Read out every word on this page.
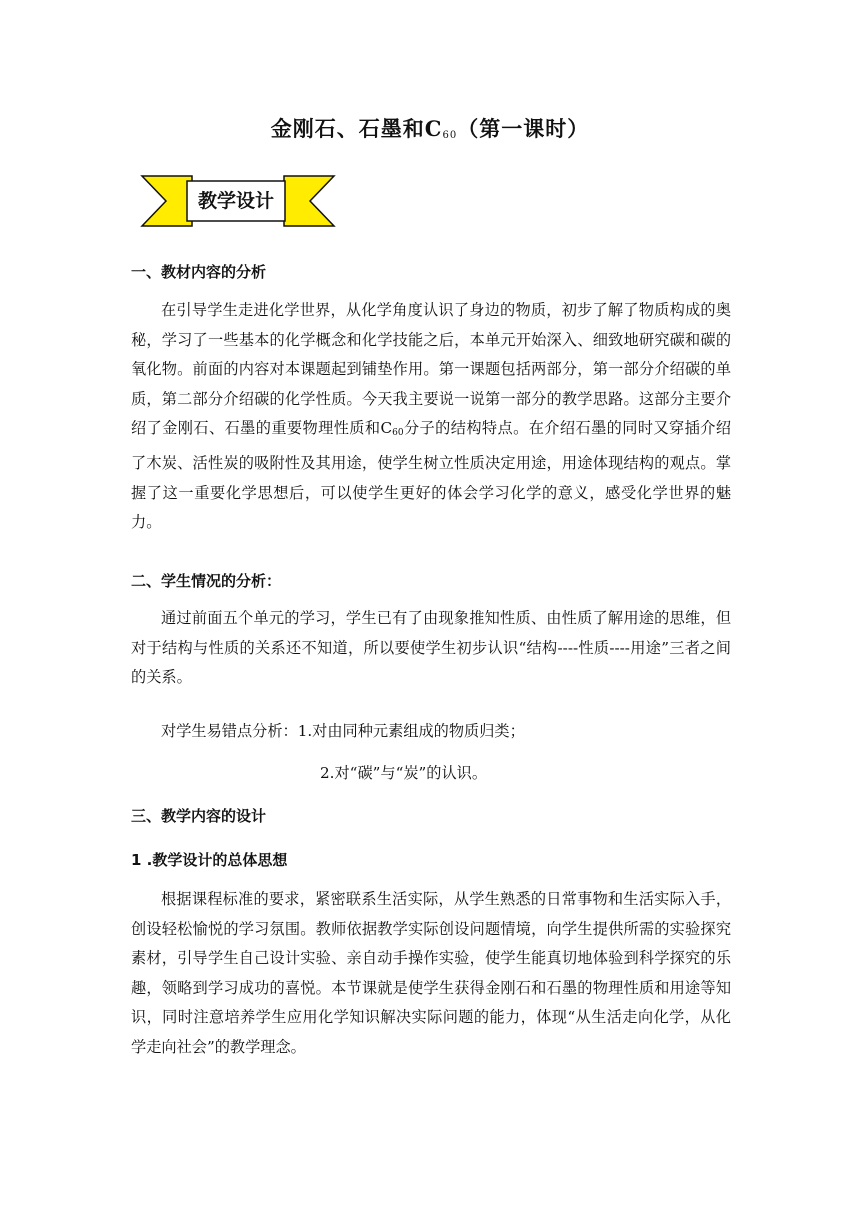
金刚石、石墨和$C_{60}$（第一课时）
教学设计
一、教材内容的分析

在引导学生走进化学世界，从化学角度认识了身边的物质，初步了解了物质构成的奥秘，学习了一些基本的化学概念和化学技能之后，本单元开始深入、细致地研究碳和碳的氧化物。前面的内容对本课题起到铺垫作用。第一课题包括两部分，第一部分介绍碳的单质，第二部分介绍碳的化学性质。今天我主要说一说第一部分的教学思路。这部分主要介绍了金刚石、石墨的重要物理性质和$C_{60}$分子的结构特点。在介绍石墨的同时又穿插介绍了木炭、活性炭的吸附性及其用途，使学生树立性质决定用途，用途体现结构的观点。掌握了这一重要化学思想后，可以使学生更好的体会学习化学的意义，感受化学世界的魅力。

二、学生情况的分析：

通过前面五个单元的学习，学生已有了由现象推知性质、由性质了解用途的思维，但对于结构与性质的关系还不知道，所以要使学生初步认识“结构----性质----用途”三者之间的关系。

对学生易错点分析：1.对由同种元素组成的物质归类；
2.对“碳”与“炭”的认识。
三、教学内容的设计
1 .教学设计的总体思想

根据课程标准的要求，紧密联系生活实际，从学生熟悉的日常事物和生活实际入手，创设轻松愉悦的学习氛围。教师依据教学实际创设问题情境，向学生提供所需的实验探究素材，引导学生自己设计实验、亲自动手操作实验，使学生能真切地体验到科学探究的乐趣，领略到学习成功的喜悦。本节课就是使学生获得金刚石和石墨的物理性质和用途等知识，同时注意培养学生应用化学知识解决实际问题的能力，体现“从生活走向化学，从化学走向社会”的教学理念。
